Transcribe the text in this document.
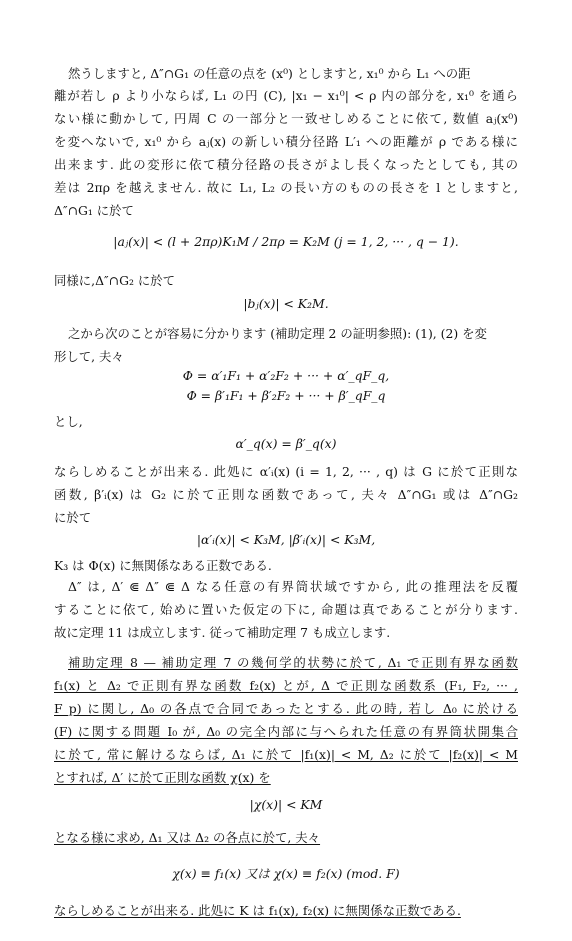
然うしますと, Δ″∩G₁ の任意の点を (x⁰) としますと, x₁⁰ から L₁ への距
離が若し ρ より小ならば, L₁ の円 (C), |x₁ − x₁⁰| < ρ 内の部分を, x₁⁰ を通ら
ない様に動かして, 円周 C の一部分と一致せしめることに依て, 数値 aⱼ(x⁰)
を変へないで, x₁⁰ から aⱼ(x) の新しい積分径路 L′₁ への距離が ρ である様に
出来ます. 此の変形に依て積分径路の長さがよし長くなったとしても, 其の
差は 2πρ を越えません. 故に L₁, L₂ の長い方のものの長さを l としますと,
Δ″∩G₁ に於て
|aⱼ(x)| < (l + 2πρ)K₁M / 2πρ = K₂M (j = 1, 2, ··· , q − 1).
同様に,Δ″∩G₂ に於て
|bⱼ(x)| < K₂M.
之から次のことが容易に分かります (補助定理 2 の証明参照): (1), (2) を変
形して, 夫々
Φ = α′₁F₁ + α′₂F₂ + ··· + α′_qF_q,
Φ = β′₁F₁ + β′₂F₂ + ··· + β′_qF_q
とし,
α′_q(x) = β′_q(x)
ならしめることが出来る. 此処に α′ᵢ(x) (i = 1, 2, ··· , q) は G に於て正則な
函数, β′ᵢ(x) は G₂ に於て正則な函数であって, 夫々 Δ″∩G₁ 或は Δ″∩G₂
に於て
|α′ᵢ(x)| < K₃M, |β′ᵢ(x)| < K₃M,
K₃ は Φ(x) に無関係なある正数である.
Δ″ は, Δ′ ⋐ Δ″ ⋐ Δ なる任意の有界筒状域ですから, 此の推理法を反覆
することに依て, 始めに置いた仮定の下に, 命題は真であることが分ります.
故に定理 11 は成立します. 従って補助定理 7 も成立します.
補助定理 8 — 補助定理 7 の幾何学的状勢に於て, Δ₁ で正則有界な函数
f₁(x) と Δ₂ で正則有界な函数 f₂(x) とが, Δ で正則な函数系 (F₁, F₂, ··· ,
F_p) に関し, Δ₀ の各点で合同であったとする. 此の時, 若し Δ₀ に於ける
(F) に関する問題 I₀ が, Δ₀ の完全内部に与へられた任意の有界筒状開集合
に於て, 常に解けるならば, Δ₁ に於て |f₁(x)| < M, Δ₂ に於て |f₂(x)| < M
とすれば, Δ′ に於て正則な函数 χ(x) を
|χ(x)| < KM
となる様に求め, Δ₁ 又は Δ₂ の各点に於て, 夫々
χ(x) ≡ f₁(x) 又は χ(x) ≡ f₂(x) (mod. F)
ならしめることが出来る. 此処に K は f₁(x), f₂(x) に無関係な正数である.
